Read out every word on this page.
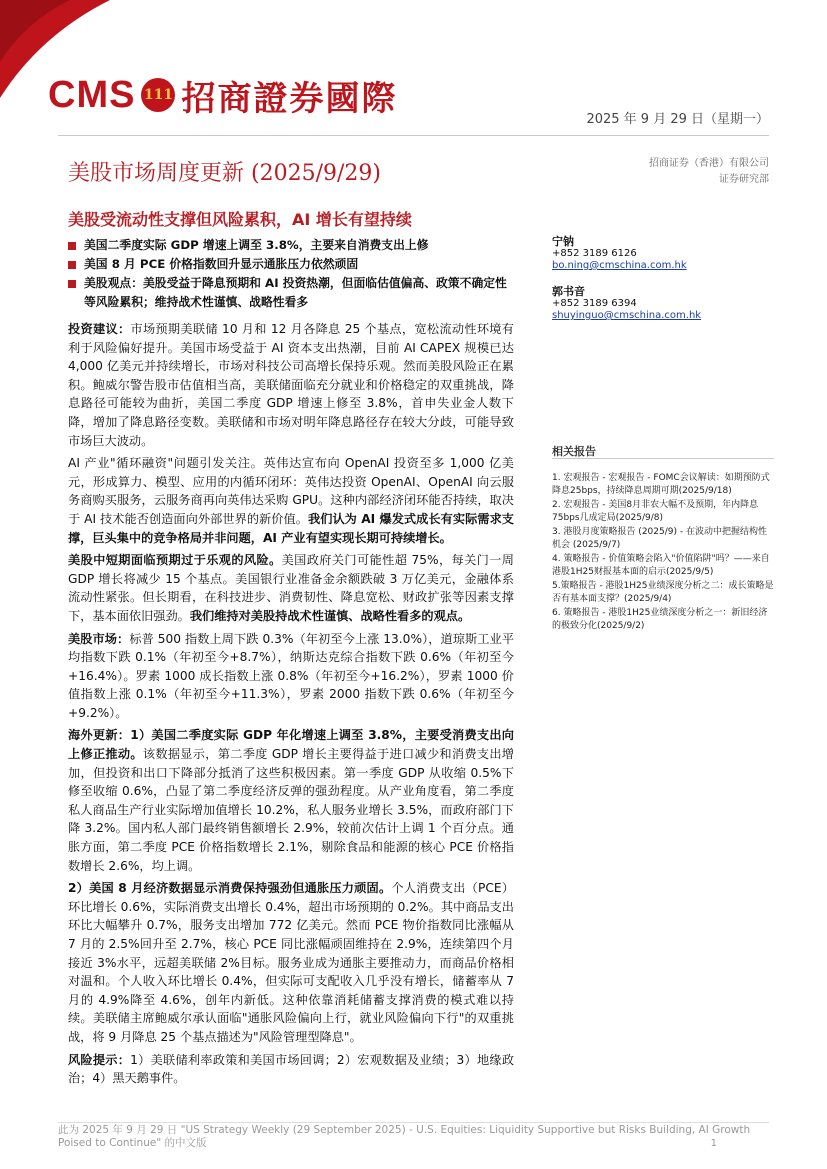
CMS 111 招商證券國際
2025 年 9 月 29 日（星期一）
美股市场周度更新 (2025/9/29)	招商证券（香港）有限公司
证券研究部
美股受流动性支撑但风险累积，AI 增长有望持续
美国二季度实际 GDP 增速上调至 3.8%，主要来自消费支出上修
美国 8 月 PCE 价格指数回升显示通胀压力依然顽固
美股观点：美股受益于降息预期和 AI 投资热潮，但面临估值偏高、政策不确定性等风险累积；维持战术性谨慎、战略性看多
宁钠
+852 3189 6126
bo.ning@cmschina.com.hk
郭书音
+852 3189 6394
shuyinguo@cmschina.com.hk
相关报告
1. 宏观报告 - 宏观报告 - FOMC会议解读：如期预防式降息25bps，持续降息周期可期(2025/9/18)
2. 宏观报告 - 美国8月非农大幅不及预期，年内降息75bps几成定局(2025/9/8)
3. 港股月度策略报告 (2025/9) - 在波动中把握结构性机会 (2025/9/7)
4. 策略报告 - 价值策略会陷入"价值陷阱"吗？——来自港股1H25财报基本面的启示(2025/9/5)
5.策略报告 - 港股1H25业绩深度分析之二：成长策略是否有基本面支撑？(2025/9/4)
6. 策略报告 - 港股1H25业绩深度分析之一：新旧经济的极致分化(2025/9/2)

投资建议：市场预期美联储 10 月和 12 月各降息 25 个基点，宽松流动性环境有利于风险偏好提升。美国市场受益于 AI 资本支出热潮，目前 AI CAPEX 规模已达 4,000 亿美元并持续增长，市场对科技公司高增长保持乐观。然而美股风险正在累积。鲍威尔警告股市估值相当高，美联储面临充分就业和价格稳定的双重挑战，降息路径可能较为曲折，美国二季度 GDP 增速上修至 3.8%，首申失业金人数下降，增加了降息路径变数。美联储和市场对明年降息路径存在较大分歧，可能导致市场巨大波动。

AI 产业"循环融资"问题引发关注。英伟达宣布向 OpenAI 投资至多 1,000 亿美元，形成算力、模型、应用的内循环闭环：英伟达投资 OpenAI、OpenAI 向云服务商购买服务，云服务商再向英伟达采购 GPU。这种内部经济闭环能否持续，取决于 AI 技术能否创造面向外部世界的新价值。我们认为 AI 爆发式成长有实际需求支撑，巨头集中的竞争格局并非问题，AI 产业有望实现长期可持续增长。

美股中短期面临预期过于乐观的风险。美国政府关门可能性超 75%，每关门一周 GDP 增长将减少 15 个基点。美国银行业准备金余额跌破 3 万亿美元，金融体系流动性紧张。但长期看，在科技进步、消费韧性、降息宽松、财政扩张等因素支撑下，基本面依旧强劲。我们维持对美股持战术性谨慎、战略性看多的观点。

美股市场：标普 500 指数上周下跌 0.3%（年初至今上涨 13.0%），道琼斯工业平均指数下跌 0.1%（年初至今+8.7%），纳斯达克综合指数下跌 0.6%（年初至今+16.4%）。罗素 1000 成长指数上涨 0.8%（年初至今+16.2%），罗素 1000 价值指数上涨 0.1%（年初至今+11.3%），罗素 2000 指数下跌 0.6%（年初至今+9.2%）。

海外更新：1）美国二季度实际 GDP 年化增速上调至 3.8%，主要受消费支出向上修正推动。该数据显示，第二季度 GDP 增长主要得益于进口减少和消费支出增加，但投资和出口下降部分抵消了这些积极因素。第一季度 GDP 从收缩 0.5%下修至收缩 0.6%，凸显了第二季度经济反弹的强劲程度。从产业角度看，第二季度私人商品生产行业实际增加值增长 10.2%，私人服务业增长 3.5%，而政府部门下降 3.2%。国内私人部门最终销售额增长 2.9%，较前次估计上调 1 个百分点。通胀方面，第二季度 PCE 价格指数增长 2.1%，剔除食品和能源的核心 PCE 价格指数增长 2.6%，均上调。

2）美国 8 月经济数据显示消费保持强劲但通胀压力顽固。个人消费支出（PCE）环比增长 0.6%，实际消费支出增长 0.4%，超出市场预期的 0.2%。其中商品支出环比大幅攀升 0.7%，服务支出增加 772 亿美元。然而 PCE 物价指数同比涨幅从 7 月的 2.5%回升至 2.7%，核心 PCE 同比涨幅顽固维持在 2.9%，连续第四个月接近 3%水平，远超美联储 2%目标。服务业成为通胀主要推动力，而商品价格相对温和。个人收入环比增长 0.4%，但实际可支配收入几乎没有增长，储蓄率从 7 月的 4.9%降至 4.6%，创年内新低。这种依靠消耗储蓄支撑消费的模式难以持续。美联储主席鲍威尔承认面临"通胀风险偏向上行，就业风险偏向下行"的双重挑战，将 9 月降息 25 个基点描述为"风险管理型降息"。

风险提示：1）美联储利率政策和美国市场回调；2）宏观数据及业绩；3）地缘政治；4）黑天鹅事件。

此为 2025 年 9 月 29 日 "US Strategy Weekly (29 September 2025) - U.S. Equities: Liquidity Supportive but Risks Building, AI Growth Poised to Continue" 的中文版	1
